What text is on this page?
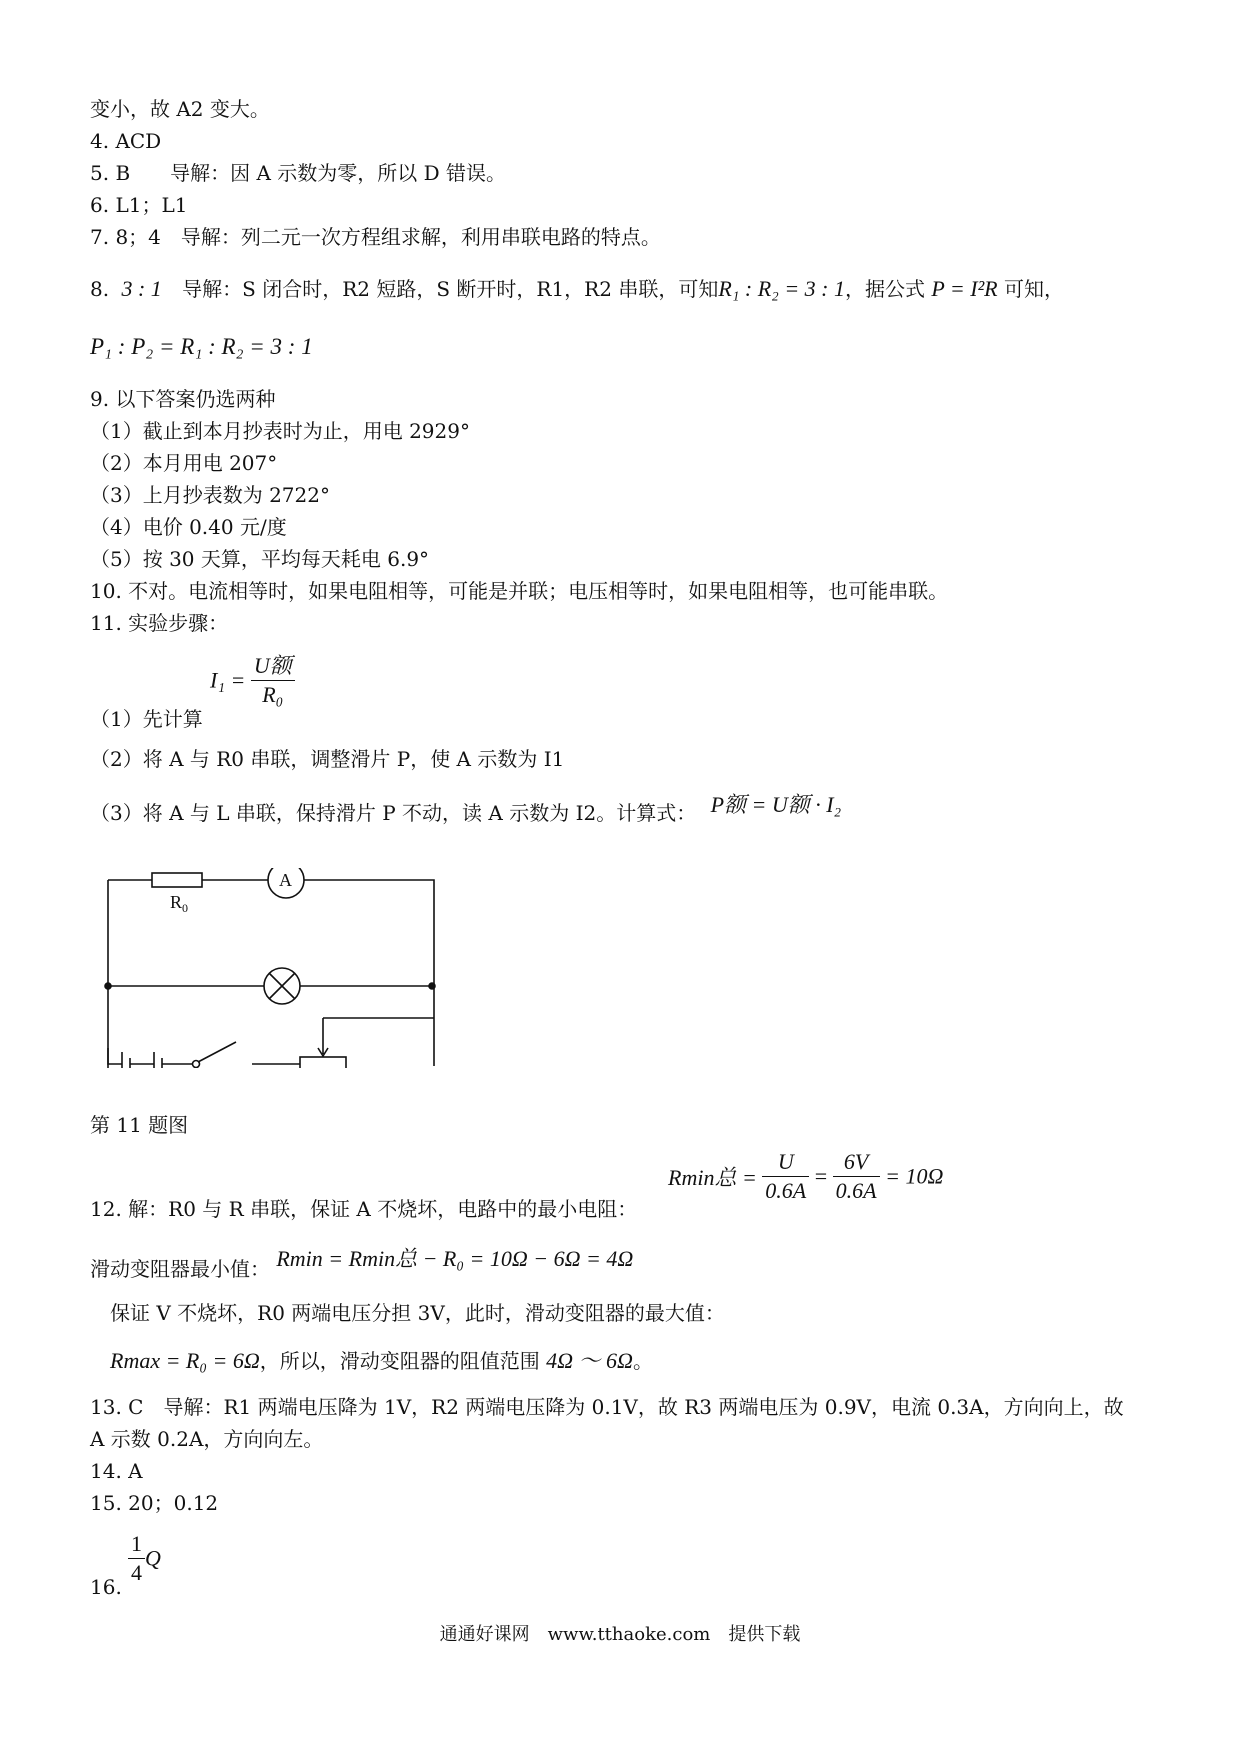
变小，故 A2 变大。
4. ACD
5. B　　导解：因 A 示数为零，所以 D 错误。
6. L1；L1
7. 8；4　导解：列二元一次方程组求解，利用串联电路的特点。
8. 3 : 1 导解：S 闭合时，R2 短路，S 断开时，R1，R2 串联，可知R₁ : R₂ = 3 : 1，据公式 P = I²R 可知，
P₁ : P₂ = R₁ : R₂ = 3 : 1
9. 以下答案仍选两种
（1）截止到本月抄表时为止，用电 2929°
（2）本月用电 207°
（3）上月抄表数为 2722°
（4）电价 0.40 元/度
（5）按 30 天算，平均每天耗电 6.9°
10. 不对。电流相等时，如果电阻相等，可能是并联；电压相等时，如果电阻相等，也可能串联。
11. 实验步骤：
（1）先计算
$I_1 = \frac{\text{U额}}{\text{R₀}}$
（2）将 A 与 R0 串联，调整滑片 P，使 A 示数为 I1
（3）将 A 与 L 串联，保持滑片 P 不动，读 A 示数为 I2。计算式： P额 = U额 · I₂
$R_0$
A
第 11 题图
12. 解：R0 与 R 串联，保证 A 不烧坏，电路中的最小电阻：
Rmin总 = $\frac{U}{0.6A} = \frac{6V}{0.6A} = 10\Omega$
滑动变阻器最小值： Rmin = Rmin总 − R₀ = 10Ω − 6Ω = 4Ω
保证 V 不烧坏，R0 两端电压分担 3V，此时，滑动变阻器的最大值：
Rmax = R₀ = 6Ω，所以，滑动变阻器的阻值范围 4Ω ～ 6Ω。
13. C　导解：R1 两端电压降为 1V，R2 两端电压降为 0.1V，故 R3 两端电压为 0.9V，电流 0.3A，方向向上，故
A 示数 0.2A，方向向左。
14. A
15. 20；0.12
16. $\frac{1}{4}$ Q
通通好课网　www.tthaoke.com　提供下载
